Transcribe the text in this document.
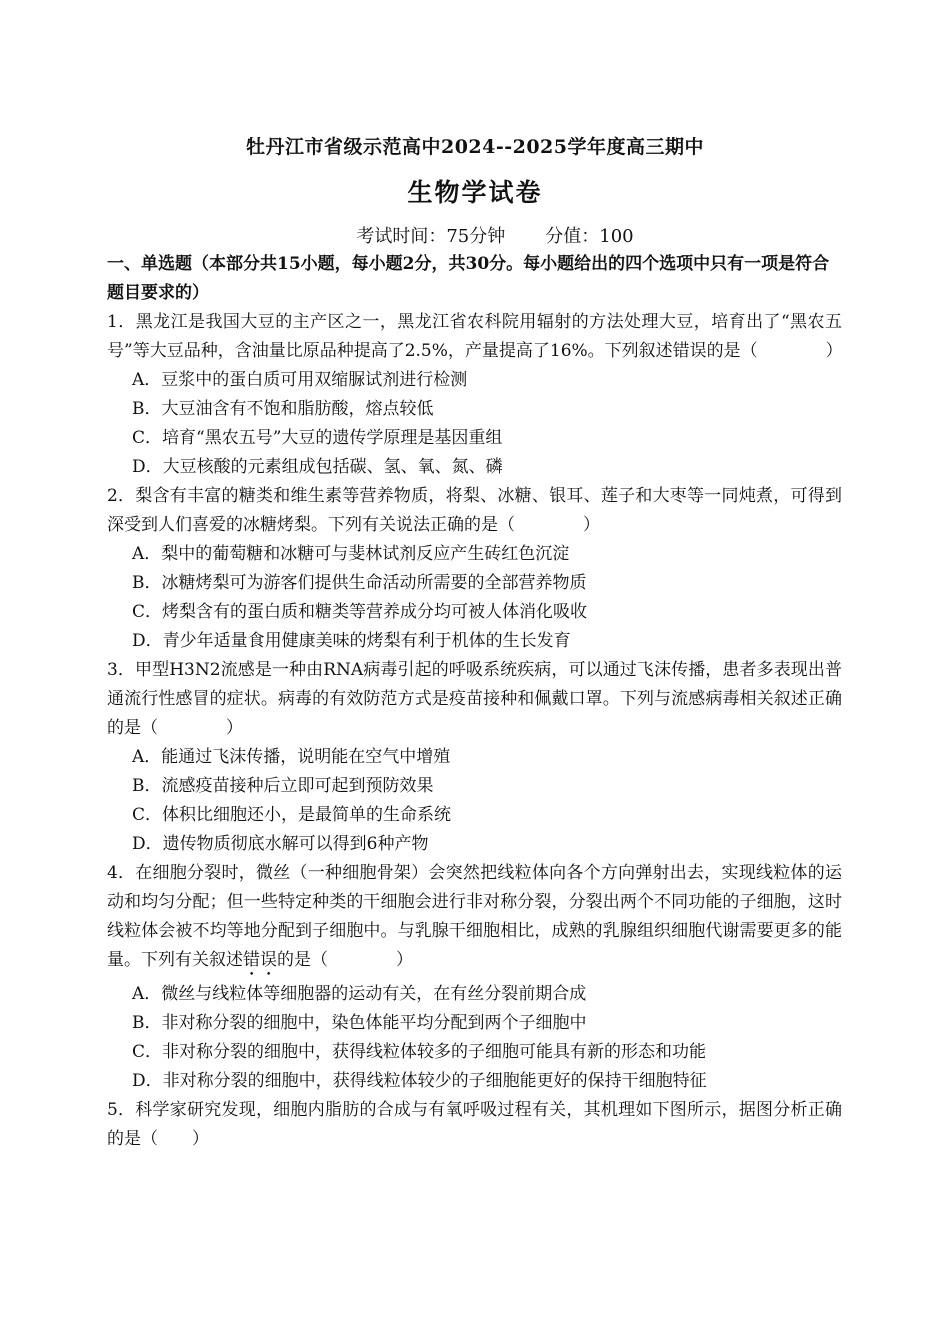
牡丹江市省级示范高中2024--2025学年度高三期中
生物学试卷
考试时间：75分钟 分值：100
一、单选题（本部分共15小题，每小题2分，共30分。每小题给出的四个选项中只有一项是符合题目要求的）

1．黑龙江是我国大豆的主产区之一，黑龙江省农科院用辐射的方法处理大豆，培育出了“黑农五号”等大豆品种，含油量比原品种提高了2.5%，产量提高了16%。下列叙述错误的是（　　　　）

A．豆浆中的蛋白质可用双缩脲试剂进行检测

B．大豆油含有不饱和脂肪酸，熔点较低

C．培育“黑农五号”大豆的遗传学原理是基因重组

D．大豆核酸的元素组成包括碳、氢、氧、氮、磷

2．梨含有丰富的糖类和维生素等营养物质，将梨、冰糖、银耳、莲子和大枣等一同炖煮，可得到深受到人们喜爱的冰糖烤梨。下列有关说法正确的是（　　　　）

A．梨中的葡萄糖和冰糖可与斐林试剂反应产生砖红色沉淀

B．冰糖烤梨可为游客们提供生命活动所需要的全部营养物质

C．烤梨含有的蛋白质和糖类等营养成分均可被人体消化吸收

D．青少年适量食用健康美味的烤梨有利于机体的生长发育

3．甲型H3N2流感是一种由RNA病毒引起的呼吸系统疾病，可以通过飞沫传播，患者多表现出普通流行性感冒的症状。病毒的有效防范方式是疫苗接种和佩戴口罩。下列与流感病毒相关叙述正确的是（　　　　）

A．能通过飞沫传播，说明能在空气中增殖

B．流感疫苗接种后立即可起到预防效果

C．体积比细胞还小，是最简单的生命系统

D．遗传物质彻底水解可以得到6种产物

4．在细胞分裂时，微丝（一种细胞骨架）会突然把线粒体向各个方向弹射出去，实现线粒体的运动和均匀分配；但一些特定种类的干细胞会进行非对称分裂，分裂出两个不同功能的子细胞，这时线粒体会被不均等地分配到子细胞中。与乳腺干细胞相比，成熟的乳腺组织细胞代谢需要更多的能量。下列有关叙述错误的是（　　　　）

A．微丝与线粒体等细胞器的运动有关，在有丝分裂前期合成

B．非对称分裂的细胞中，染色体能平均分配到两个子细胞中

C．非对称分裂的细胞中，获得线粒体较多的子细胞可能具有新的形态和功能

D．非对称分裂的细胞中，获得线粒体较少的子细胞能更好的保持干细胞特征

5．科学家研究发现，细胞内脂肪的合成与有氧呼吸过程有关，其机理如下图所示，据图分析正确的是（　　）
